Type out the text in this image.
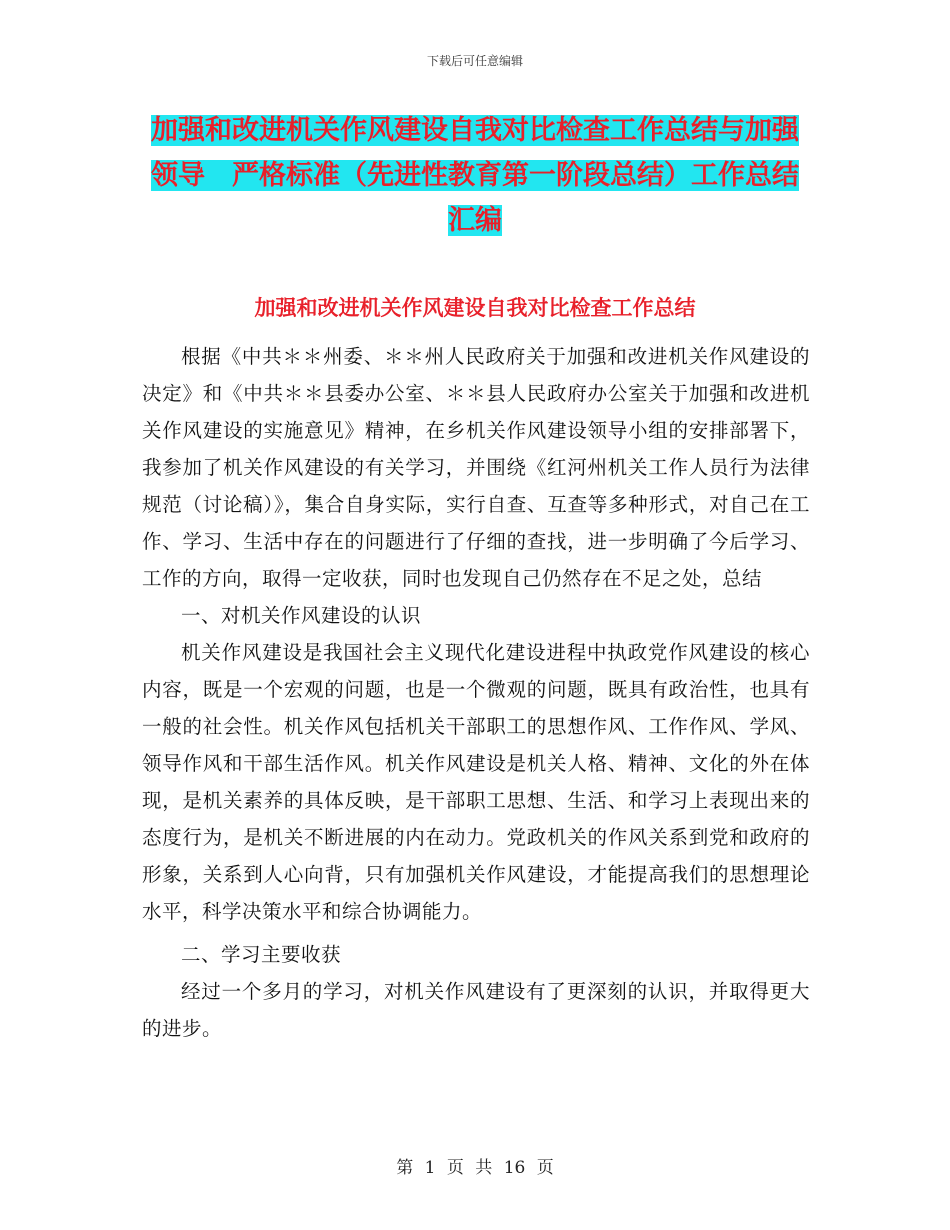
下载后可任意编辑
加强和改进机关作风建设自我对比检查工作总结与加强领导　严格标准（先进性教育第一阶段总结）工作总结汇编
加强和改进机关作风建设自我对比检查工作总结

根据《中共＊＊州委、＊＊州人民政府关于加强和改进机关作风建设的决定》和《中共＊＊县委办公室、＊＊县人民政府办公室关于加强和改进机关作风建设的实施意见》精神，在乡机关作风建设领导小组的安排部署下，我参加了机关作风建设的有关学习，并围绕《红河州机关工作人员行为法律规范（讨论稿）》，集合自身实际，实行自查、互查等多种形式，对自己在工作、学习、生活中存在的问题进行了仔细的查找，进一步明确了今后学习、工作的方向，取得一定收获，同时也发现自己仍然存在不足之处，总结

一、对机关作风建设的认识

机关作风建设是我国社会主义现代化建设进程中执政党作风建设的核心内容，既是一个宏观的问题，也是一个微观的问题，既具有政治性，也具有一般的社会性。机关作风包括机关干部职工的思想作风、工作作风、学风、领导作风和干部生活作风。机关作风建设是机关人格、精神、文化的外在体现，是机关素养的具体反映，是干部职工思想、生活、和学习上表现出来的态度行为，是机关不断进展的内在动力。党政机关的作风关系到党和政府的形象，关系到人心向背，只有加强机关作风建设，才能提高我们的思想理论水平，科学决策水平和综合协调能力。

二、学习主要收获

经过一个多月的学习，对机关作风建设有了更深刻的认识，并取得更大的进步。

第 1 页 共 16 页
